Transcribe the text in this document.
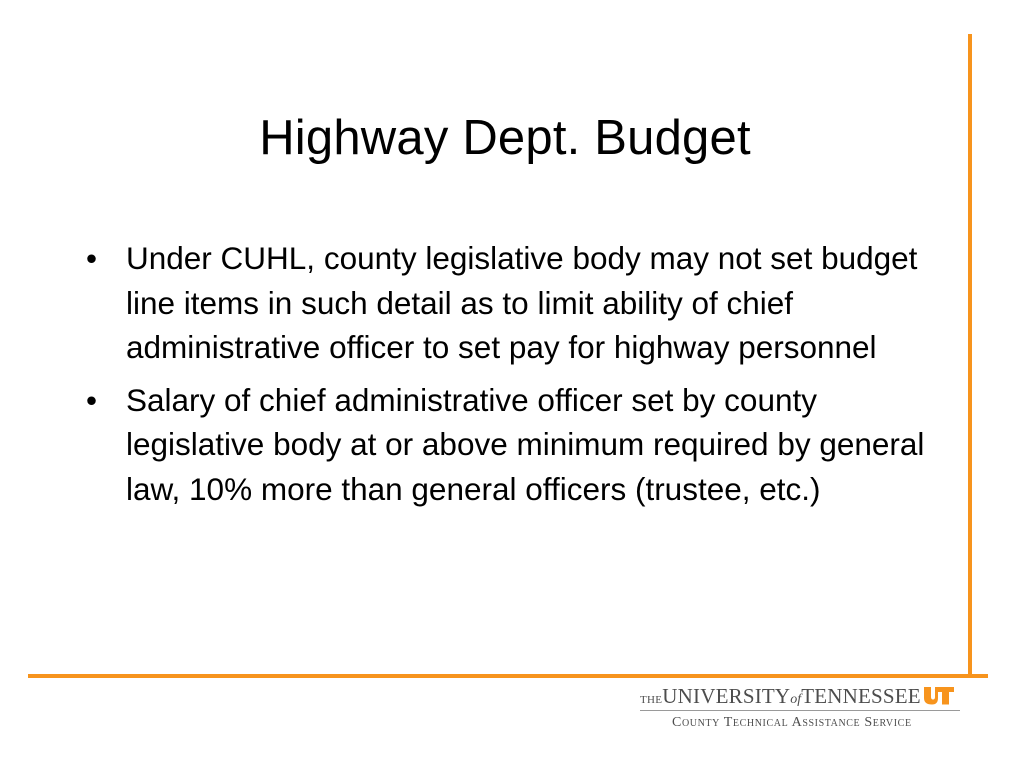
Highway Dept. Budget
• Under CUHL, county legislative body may not set budget line items in such detail as to limit ability of chief administrative officer to set pay for highway personnel
• Salary of chief administrative officer set by county legislative body at or above minimum required by general law, 10% more than general officers (trustee, etc.)
THEUNIVERSITYofTENNESSEE
County Technical Assistance Service
